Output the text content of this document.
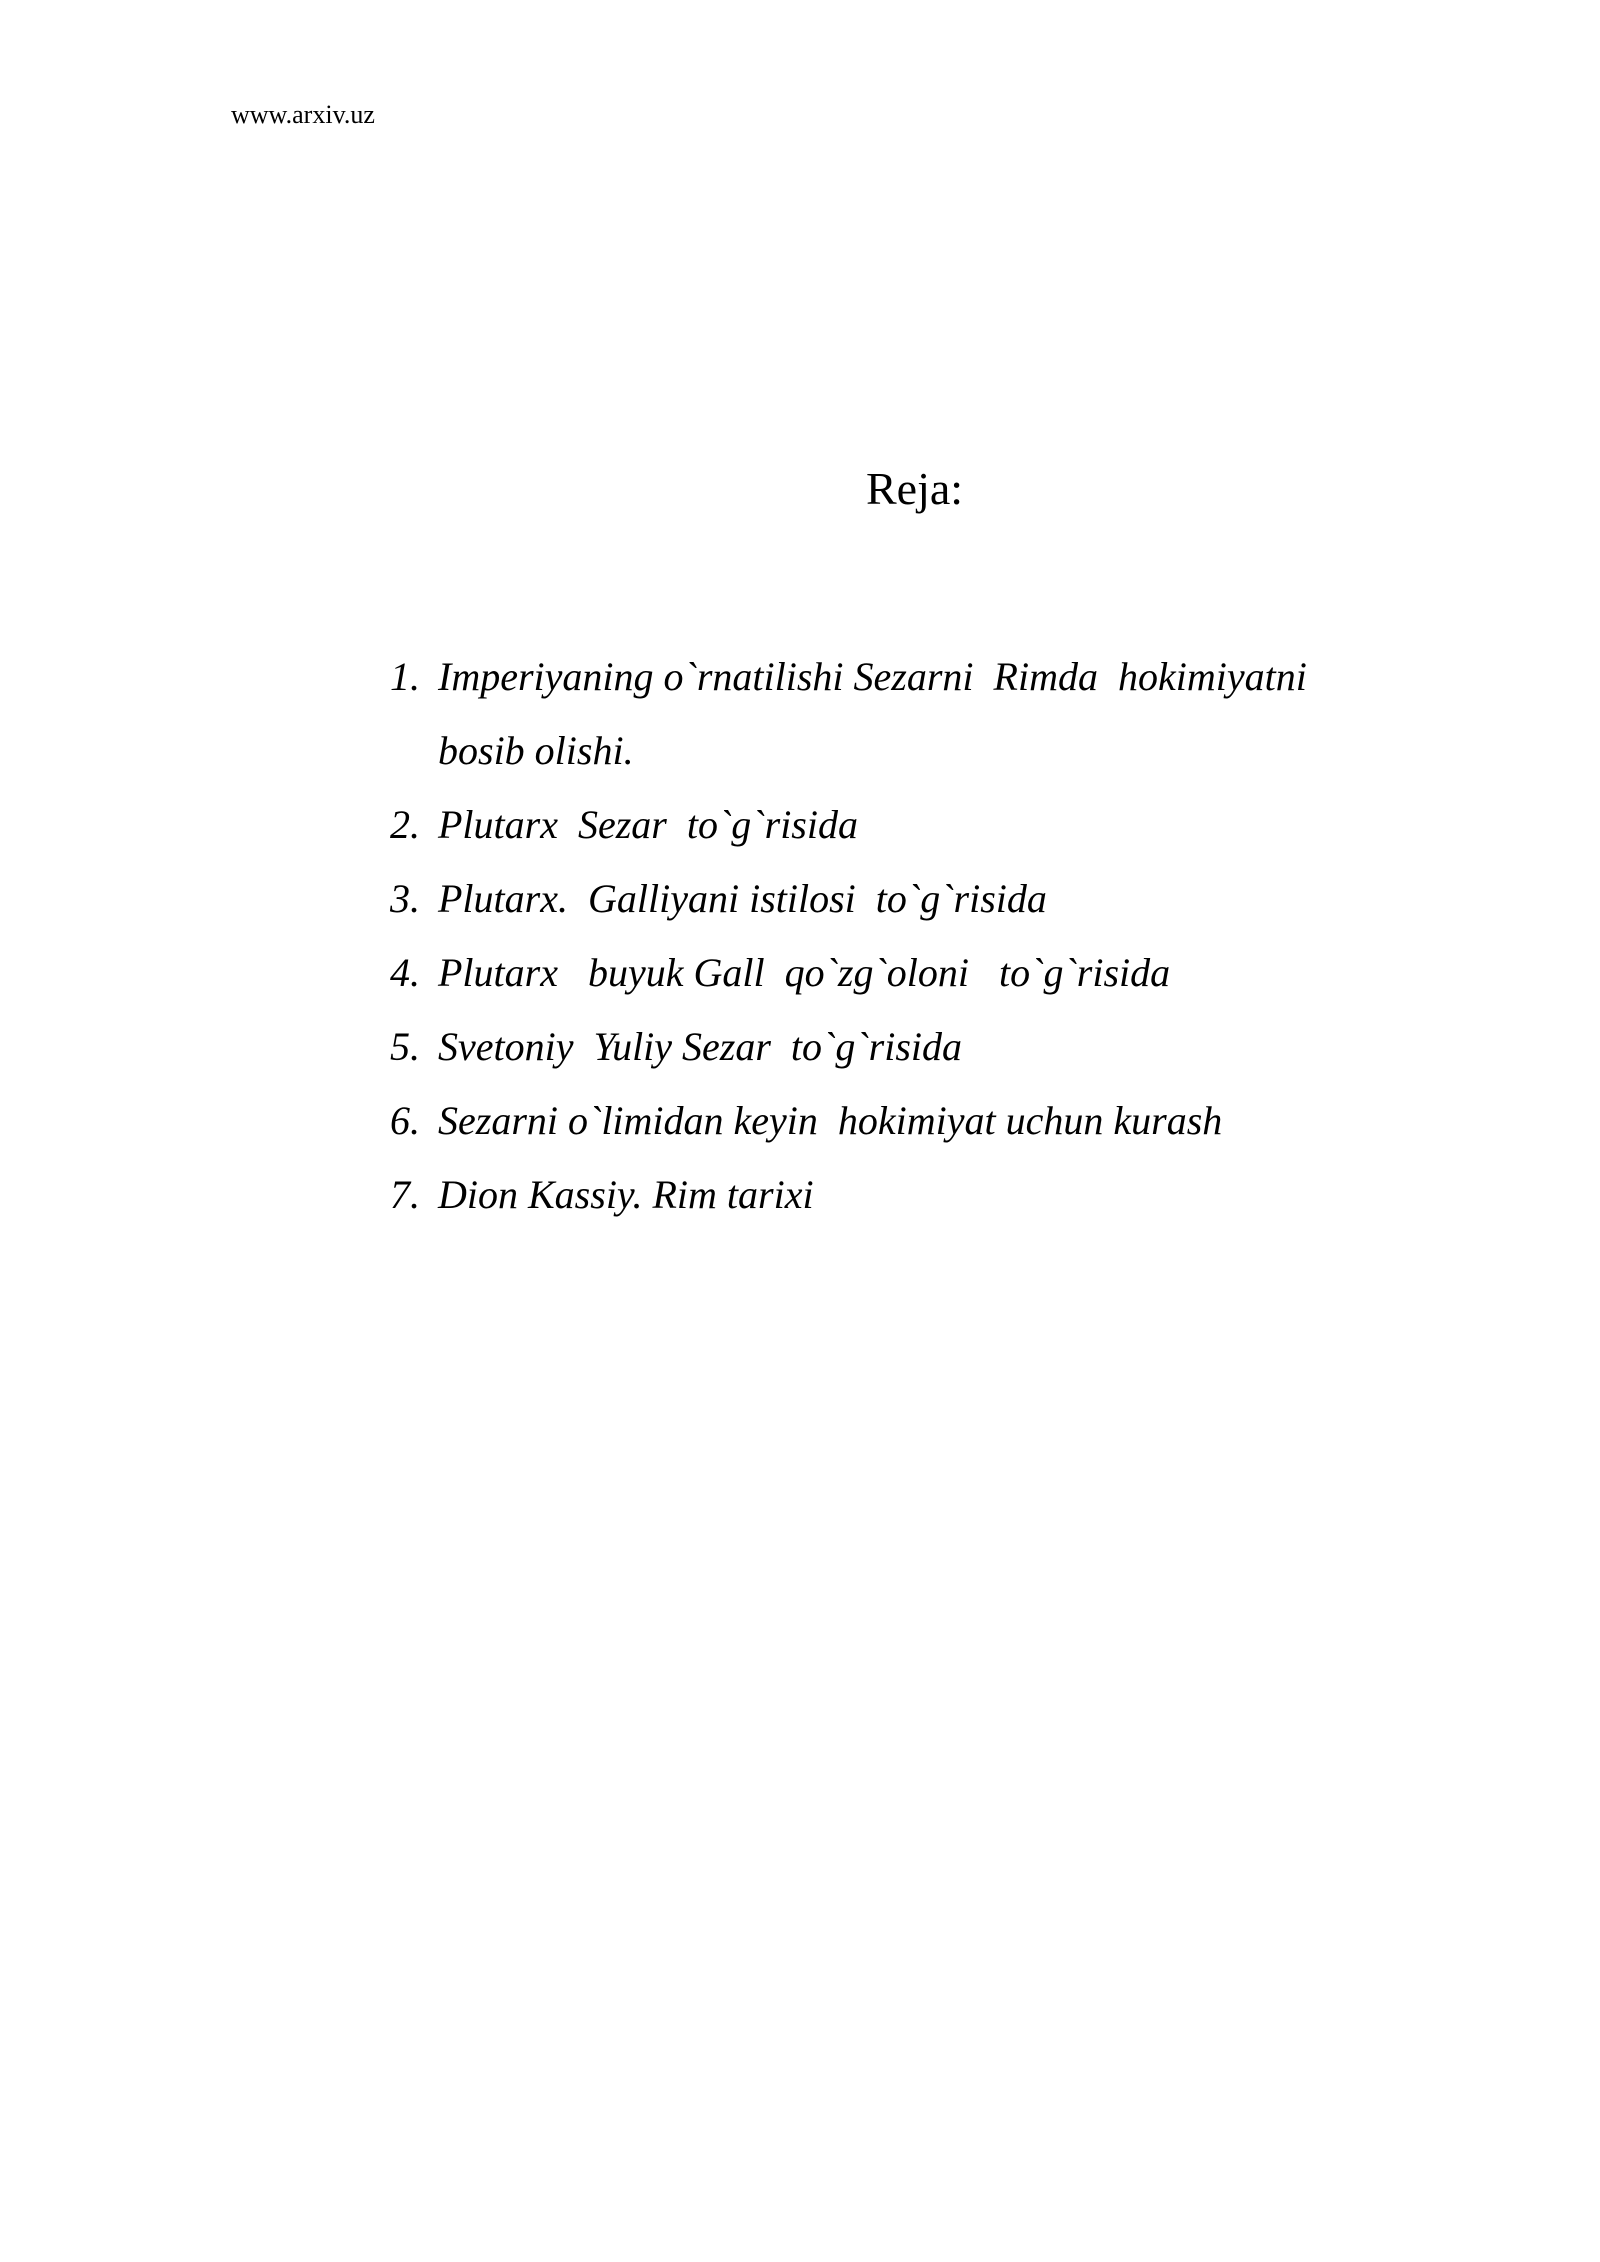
www.arxiv.uz
Reja:
1. Imperiyaning o`rnatilishi Sezarni  Rimda  hokimiyatni
bosib olishi.
2. Plutarx  Sezar  to`g`risida
3. Plutarx.  Galliyani istilosi  to`g`risida
4. Plutarx   buyuk Gall  qo`zg`oloni   to`g`risida
5. Svetoniy  Yuliy Sezar  to`g`risida
6. Sezarni o`limidan keyin  hokimiyat uchun kurash
7. Dion Kassiy. Rim tarixi
